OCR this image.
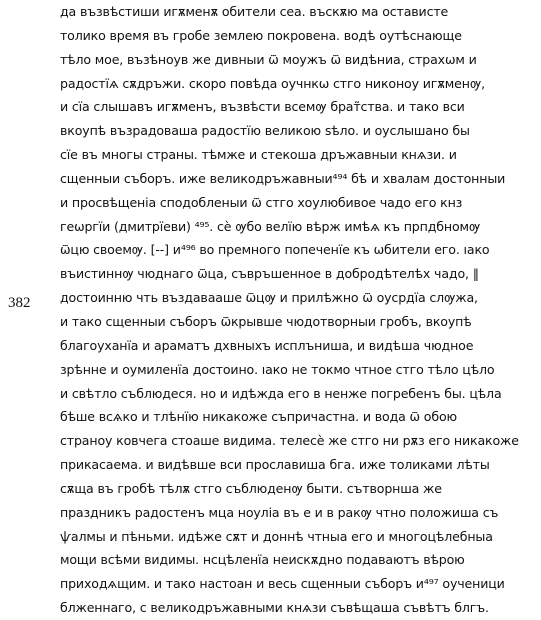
382
да възвѣстиши игѫменѫ обители сеа. въскѫю ма остависте
толико время въ гробе землею покровена. водѣ оутѣснающе
тѣло мое, възѣноув же дивныи ѿ моужъ ѿ видѣниа, страхѡм и
радостїѧ сѫдръжи. скоро повѣда оучнкѡ стго никоноу игѫменѹ,
и сїа слышавъ игѫменъ, възвѣсти всемѹ брат̃ства. и тако вси
вкоупѣ възрадоваша радостїю великою ѕѣло. и оуслышано бы
сїе въ многы страны. тѣмже и стекоша дръжавныи кнѧзи. и
сщенныи съборъ. иже великодръжавныи⁴⁹⁴ бѣ и хвалам достонныи
и просвѣщеніа сподобленыи ѿ стго хоулюбивое чадо его кнз
геѡргїи (дмитрїеви) ⁴⁹⁵. сѐ ѹбо велїю вѣрж имѣѧ къ прпдбномѹ
ѿцю своемѹ. [--] и⁴⁹⁶ во премнoго попеченїе къ ѡбители его. ıако
въистиннѹ чюднаго ѿца, съвръшеннoе в добродѣтелѣх чадо, ‖
достоинню чть въздавааше ѿцѹ и прилѣжно ѿ оусрдїа слѹжа,
и тако сщенныи съборъ ѿкрывше чюдотворныи гробъ, вкоупѣ
благоуханїа и араматъ дхвныхъ исплъниша, и видѣша чюдное
зрѣнне и оумиленїа достоино. ıако не токмо чтное стго тѣло цѣло
и свѣтло съблюдеся. но и идѣжда его в ненже погребенъ бы. цѣла
бѣше всѧко и тлѣнїю никакоже съпричастна. и вода ѿ обою
страноу ковчега стоаше видима. телесѐ же стго ни рѫз его никакоже
прикасаема. и видѣвше вси прославиша бга. иже толиками лѣты
сѫща въ гробѣ тѣлѫ стго съблюденѹ быти. сътворнша же
праздникъ радостенъ мца ноуліа въ е и в ракѹ чтно положиша съ
ѱалмы и пѣньми. идѣже сѫт и доннѣ чтныа его и многоцѣлебныа
мощи всѣми видимы. нсцѣленїа неискѫдно подаваютъ вѣрою
приходѧщим. и тако настоан и весь сщенныи съборъ и⁴⁹⁷ оученици
блженнаго, с великодръжавными кнѧзи съвѣщаша съвѣтъ блгъ.
